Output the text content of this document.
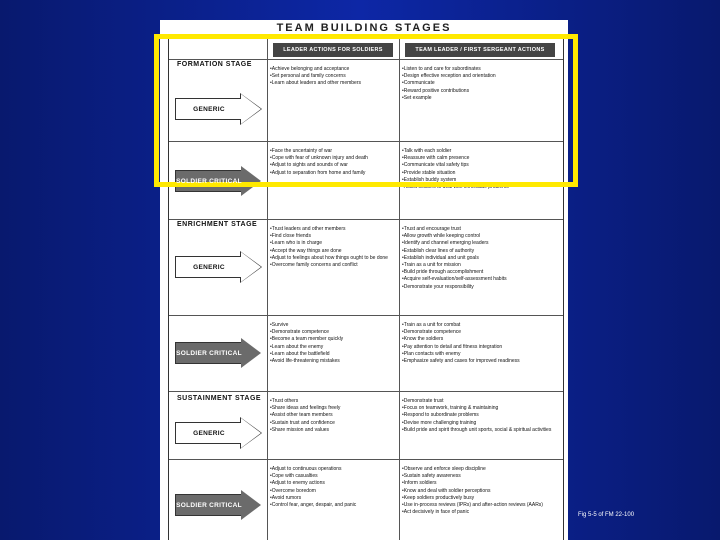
TEAM BUILDING STAGES
LEADER ACTIONS FOR SOLDIERS	TEAM LEADER / FIRST SERGEANT ACTIONS
FORMATION STAGE
GENERIC
• Achieve belonging and acceptance
• Set personal and family concerns
• Learn about leaders and other members
• Listen to and care for subordinates
• Design effective reception and orientation
• Communicate
• Reward positive contributions
• Set example
SOLDIER CRITICAL
• Face the uncertainty of war
• Cope with fear of unknown injury and death
• Adjust to sights and sounds of war
• Adjust to separation from home and family
• Talk with each soldier
• Reassure with calm presence
• Communicate vital safety tips
• Provide stable situation
• Establish buddy system
• Assist soldiers to deal with immediate problems
ENRICHMENT STAGE
GENERIC
• Trust leaders and other members
• Find close friends
• Learn who is in charge
• Accept the way things are done
• Adjust to feelings about how things ought to be done
• Overcome family concerns and conflict
• Trust and encourage trust
• Allow growth while keeping control
• Identify and channel emerging leaders
• Establish clear lines of authority
• Establish individual and unit goals
• Train as a unit for mission
• Build pride through accomplishment
• Acquire self-evaluation/self-assessment habits
• Demonstrate your responsibility
SOLDIER CRITICAL
• Survive
• Demonstrate competence
• Become a team member quickly
• Learn about the enemy
• Learn about the battlefield
• Avoid life-threatening mistakes
• Train as a unit for combat
• Demonstrate competence
• Know the soldiers
• Pay attention to detail and fitness integration
• Plan contacts with enemy
• Emphasize safety and cases for improved readiness
SUSTAINMENT STAGE
GENERIC
• Trust others
• Share ideas and feelings freely
• Assist other team members
• Sustain trust and confidence
• Share mission and values
• Demonstrate trust
• Focus on teamwork, training & maintaining
• Respond to subordinate problems
• Devise more challenging training
• Build pride and spirit through unit sports, social & spiritual activities
SOLDIER CRITICAL
• Adjust to continuous operations
• Cope with casualties
• Adjust to enemy actions
• Overcome boredom
• Avoid rumors
• Control fear, anger, despair, and panic
• Observe and enforce sleep discipline
• Sustain safety awareness
• Inform soldiers
• Know and deal with soldier perceptions
• Keep soldiers productively busy
• Use in-process reviews (IPRs) and after-action reviews (AARs)
• Act decisively in face of panic	Fig 5-5 of FM 22-100
